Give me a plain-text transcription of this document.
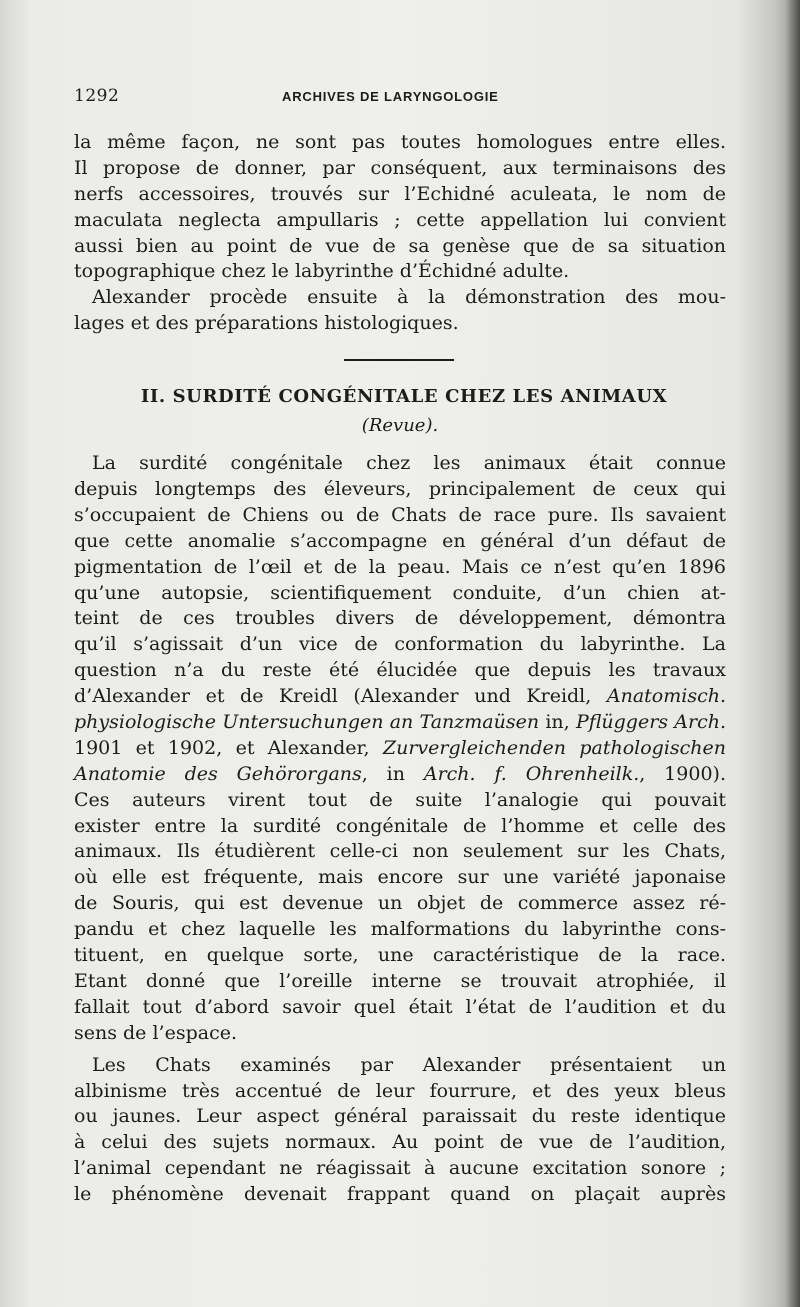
1292	ARCHIVES DE LARYNGOLOGIE
la même façon, ne sont pas toutes homologues entre elles.
Il propose de donner, par conséquent, aux terminaisons des
nerfs accessoires, trouvés sur l’Echidné aculeata, le nom de
maculata neglecta ampullaris ; cette appellation lui convient
aussi bien au point de vue de sa genèse que de sa situation
topographique chez le labyrinthe d’Échidné adulte.
Alexander procède ensuite à la démonstration des mou-
lages et des préparations histologiques.
II. SURDITÉ CONGÉNITALE CHEZ LES ANIMAUX
(Revue).
La surdité congénitale chez les animaux était connue
depuis longtemps des éleveurs, principalement de ceux qui
s’occupaient de Chiens ou de Chats de race pure. Ils savaient
que cette anomalie s’accompagne en général d’un défaut de
pigmentation de l’œil et de la peau. Mais ce n’est qu’en 1896
qu’une autopsie, scientifiquement conduite, d’un chien at-
teint de ces troubles divers de développement, démontra
qu’il s’agissait d’un vice de conformation du labyrinthe. La
question n’a du reste été élucidée que depuis les travaux
d’Alexander et de Kreidl (Alexander und Kreidl, Anatomisch.
physiologische Untersuchungen an Tanzmaüsen in, Pflüggers Arch.
1901 et 1902, et Alexander, Zurvergleichenden pathologischen
Anatomie des Gehörorgans, in Arch. f. Ohrenheilk., 1900).
Ces auteurs virent tout de suite l’analogie qui pouvait
exister entre la surdité congénitale de l’homme et celle des
animaux. Ils étudièrent celle-ci non seulement sur les Chats,
où elle est fréquente, mais encore sur une variété japonaise
de Souris, qui est devenue un objet de commerce assez ré-
pandu et chez laquelle les malformations du labyrinthe cons-
tituent, en quelque sorte, une caractéristique de la race.
Etant donné que l’oreille interne se trouvait atrophiée, il
fallait tout d’abord savoir quel était l’état de l’audition et du
sens de l’espace.
Les Chats examinés par Alexander présentaient un
albinisme très accentué de leur fourrure, et des yeux bleus
ou jaunes. Leur aspect général paraissait du reste identique
à celui des sujets normaux. Au point de vue de l’audition,
l’animal cependant ne réagissait à aucune excitation sonore ;
le phénomène devenait frappant quand on plaçait auprès
